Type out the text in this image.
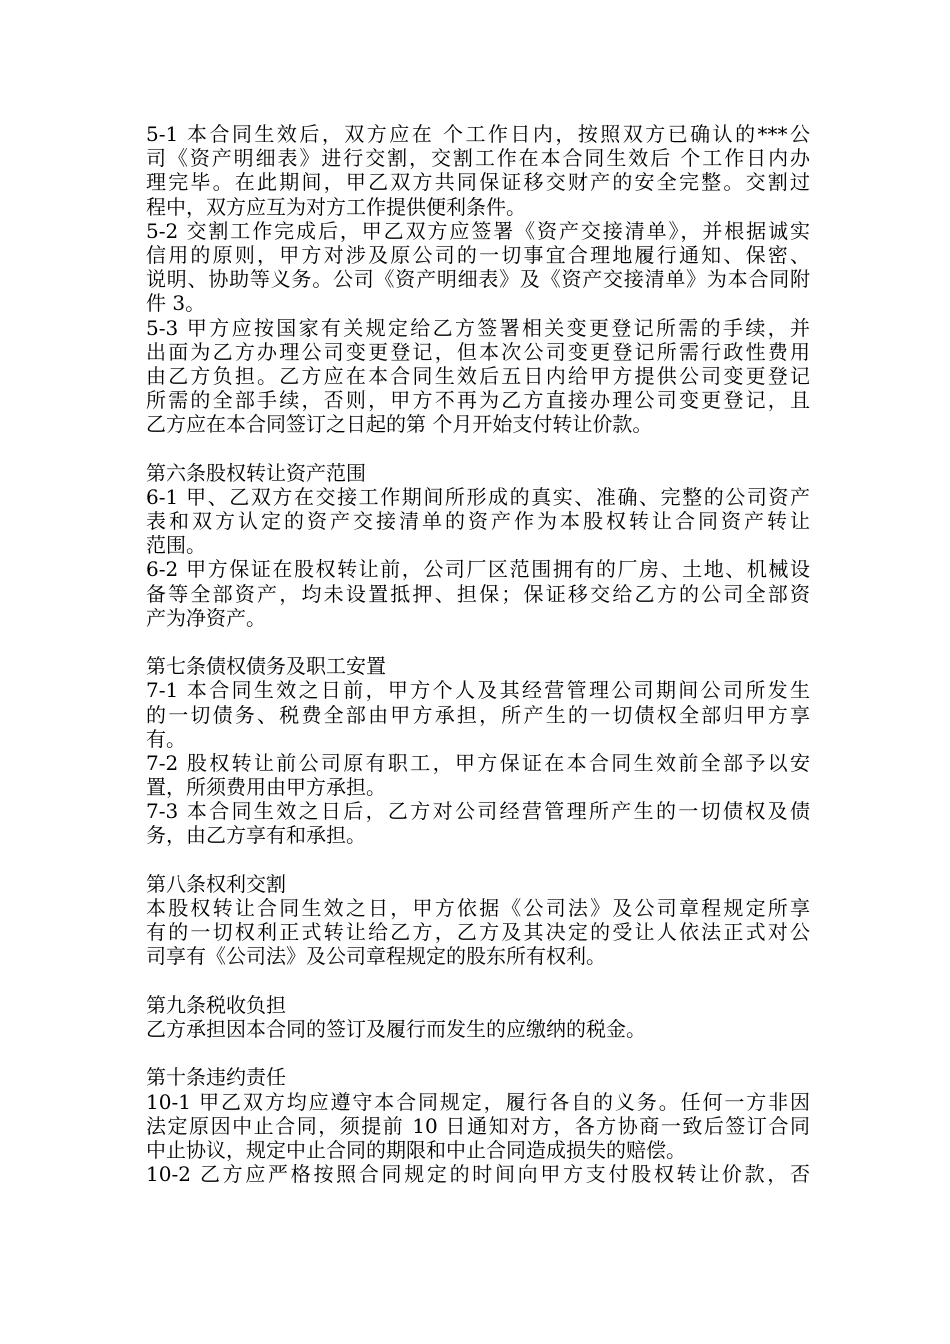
5-1 本合同生效后，双方应在 个工作日内，按照双方已确认的***公
司《资产明细表》进行交割，交割工作在本合同生效后 个工作日内办
理完毕。在此期间，甲乙双方共同保证移交财产的安全完整。交割过
程中，双方应互为对方工作提供便利条件。
5-2 交割工作完成后，甲乙双方应签署《资产交接清单》，并根据诚实
信用的原则，甲方对涉及原公司的一切事宜合理地履行通知、保密、
说明、协助等义务。公司《资产明细表》及《资产交接清单》为本合同附
件 3。
5-3 甲方应按国家有关规定给乙方签署相关变更登记所需的手续，并
出面为乙方办理公司变更登记，但本次公司变更登记所需行政性费用
由乙方负担。乙方应在本合同生效后五日内给甲方提供公司变更登记
所需的全部手续，否则，甲方不再为乙方直接办理公司变更登记，且
乙方应在本合同签订之日起的第 个月开始支付转让价款。
第六条股权转让资产范围
6-1 甲、乙双方在交接工作期间所形成的真实、准确、完整的公司资产
表和双方认定的资产交接清单的资产作为本股权转让合同资产转让
范围。
6-2 甲方保证在股权转让前，公司厂区范围拥有的厂房、土地、机械设
备等全部资产，均未设置抵押、担保；保证移交给乙方的公司全部资
产为净资产。
第七条债权债务及职工安置
7-1 本合同生效之日前，甲方个人及其经营管理公司期间公司所发生
的一切债务、税费全部由甲方承担，所产生的一切债权全部归甲方享
有。
7-2 股权转让前公司原有职工，甲方保证在本合同生效前全部予以安
置，所须费用由甲方承担。
7-3 本合同生效之日后，乙方对公司经营管理所产生的一切债权及债
务，由乙方享有和承担。
第八条权利交割
本股权转让合同生效之日，甲方依据《公司法》及公司章程规定所享
有的一切权利正式转让给乙方，乙方及其决定的受让人依法正式对公
司享有《公司法》及公司章程规定的股东所有权利。
第九条税收负担
乙方承担因本合同的签订及履行而发生的应缴纳的税金。
第十条违约责任
10-1 甲乙双方均应遵守本合同规定，履行各自的义务。任何一方非因
法定原因中止合同，须提前 10 日通知对方，各方协商一致后签订合同
中止协议，规定中止合同的期限和中止合同造成损失的赔偿。
10-2 乙方应严格按照合同规定的时间向甲方支付股权转让价款，否
